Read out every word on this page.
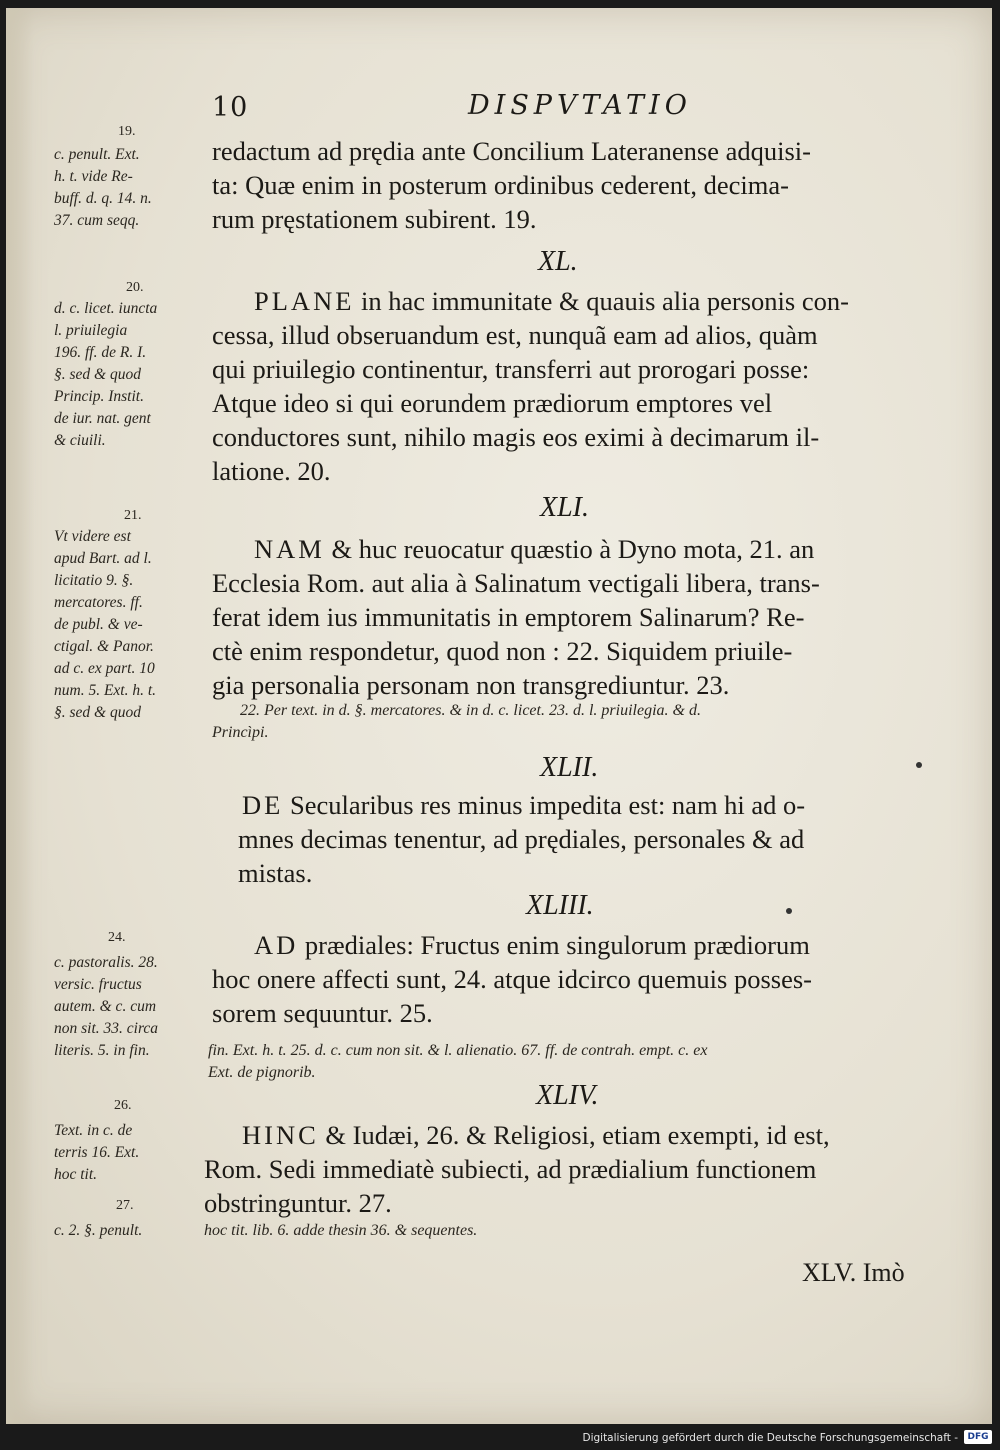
10	DISPVTATIO
19.
c. penult. Ext.
h. t. vide Re-
buff. d. q. 14. n.
37. cum seqq.
redactum ad prędia ante Concilium Lateranense adquisi-
ta: Quæ enim in posterum ordinibus cederent, decima-
rum pręstationem subirent. 19.
XL.
20.
d. c. licet. iuncta
l. priuilegia
196. ff. de R. I.
§. sed & quod
Princip. Instit.
de iur. nat. gent
& ciuili.
PLANE in hac immunitate & quauis alia personis con-
cessa, illud obseruandum est, nunquã eam ad alios, quàm
qui priuilegio continentur, transferri aut prorogari posse:
Atque ideo si qui eorundem prædiorum emptores vel
conductores sunt, nihilo magis eos eximi à decimarum il-
latione. 20.
XLI.
21.
Vt videre est
apud Bart. ad l.
licitatio 9. §.
mercatores. ff.
de publ. & ve-
ctigal. & Panor.
ad c. ex part. 10
num. 5. Ext. h. t.
§. sed & quod
NAM & huc reuocatur quæstio à Dyno mota, 21. an
Ecclesia Rom. aut alia à Salinatum vectigali libera, trans-
ferat idem ius immunitatis in emptorem Salinarum? Re-
ctè enim respondetur, quod non : 22. Siquidem priuile-
gia personalia personam non transgrediuntur. 23.
22. Per text. in d. §. mercatores. & in d. c. licet. 23. d. l. priuilegia. & d.
Princìpi.
XLII.
DE Secularibus res minus impedita est: nam hi ad o-
mnes decimas tenentur, ad prędiales, personales & ad
mistas.
XLIII.
24.
c. pastoralis. 28.
versic. fructus
autem. & c. cum
non sit. 33. circa
literis. 5. in fin.
AD prædiales: Fructus enim singulorum prædiorum
hoc onere affecti sunt, 24. atque idcirco quemuis posses-
sorem sequuntur. 25.
fin. Ext. h. t. 25. d. c. cum non sit. & l. alienatio. 67. ff. de contrah. empt. c. ex
Ext. de pignorib.
XLIV.
26.
Text. in c. de
terris 16. Ext.
hoc tit.
27.
c. 2. §. penult.
HINC & Iudæi, 26. & Religiosi, etiam exempti, id est,
Rom. Sedi immediatè subiecti, ad prædialium functionem
obstringuntur. 27.
hoc tit. lib. 6. adde thesin 36. & sequentes.
XLV. Imò
Digitalisierung gefördert durch die Deutsche Forschungsgemeinschaft -	DFG
